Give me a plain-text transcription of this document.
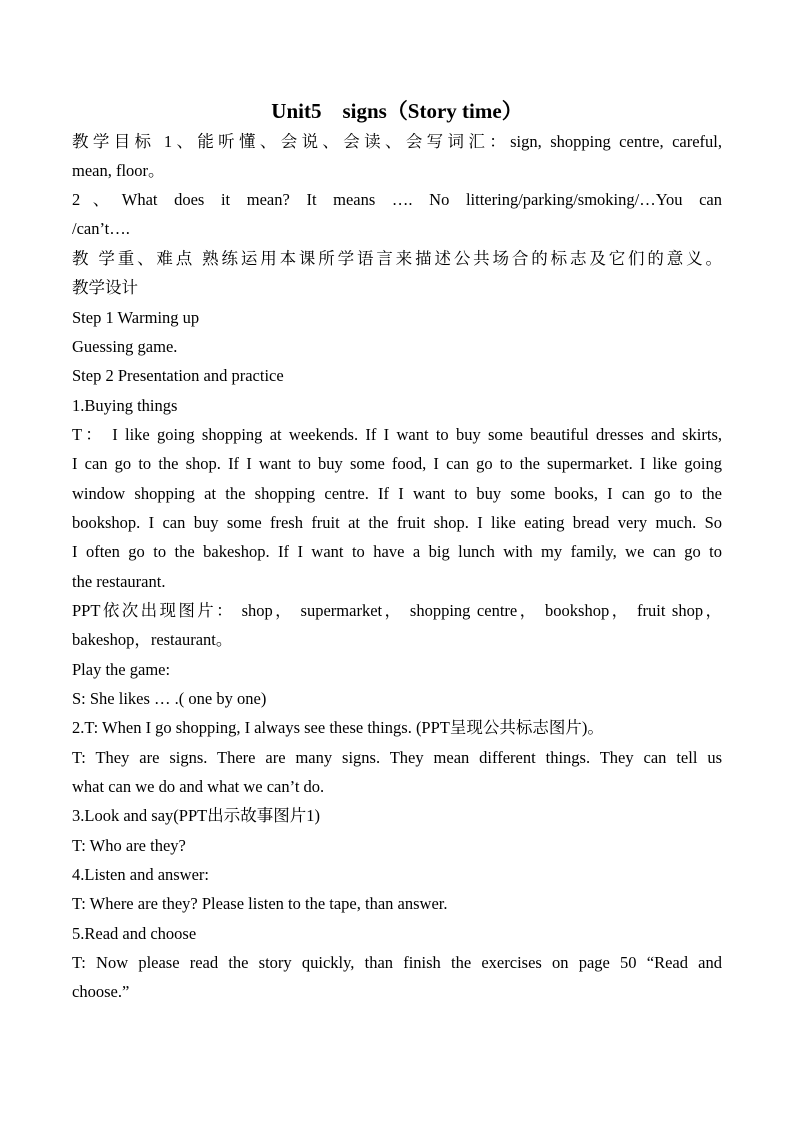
Unit5    signs（Story time）
教学目标 1、能听懂、会说、会读、会写词汇：sign, shopping centre, careful,
mean, floor。
2、What does it mean? It means …. No littering/parking/smoking/…You can
/can’t….
教 学重、难点 熟练运用本课所学语言来描述公共场合的标志及它们的意义。
教学设计
Step 1 Warming up
Guessing game.
Step 2 Presentation and practice
1.Buying things
T： I like going shopping at weekends. If I want to buy some beautiful dresses and skirts,
I can go to the shop. If I want to buy some food, I can go to the supermarket. I like going
window shopping at the shopping centre. If I want to buy some books, I can go to the
bookshop. I can buy some fresh fruit at the fruit shop. I like eating bread very much. So
I often go to the bakeshop. If I want to have a big lunch with my family, we can go to
the restaurant.
PPT依次出现图片： shop， supermarket， shopping centre， bookshop， fruit shop，
bakeshop，restaurant。
Play the game:
S: She likes … .( one by one)
2.T: When I go shopping, I always see these things. (PPT呈现公共标志图片)。
T: They are signs. There are many signs. They mean different things. They can tell us
what can we do and what we can’t do.
3.Look and say(PPT出示故事图片1)
T: Who are they?
4.Listen and answer:
T: Where are they? Please listen to the tape, than answer.
5.Read and choose
T: Now please read the story quickly, than finish the exercises on page 50 “Read and
choose.”
